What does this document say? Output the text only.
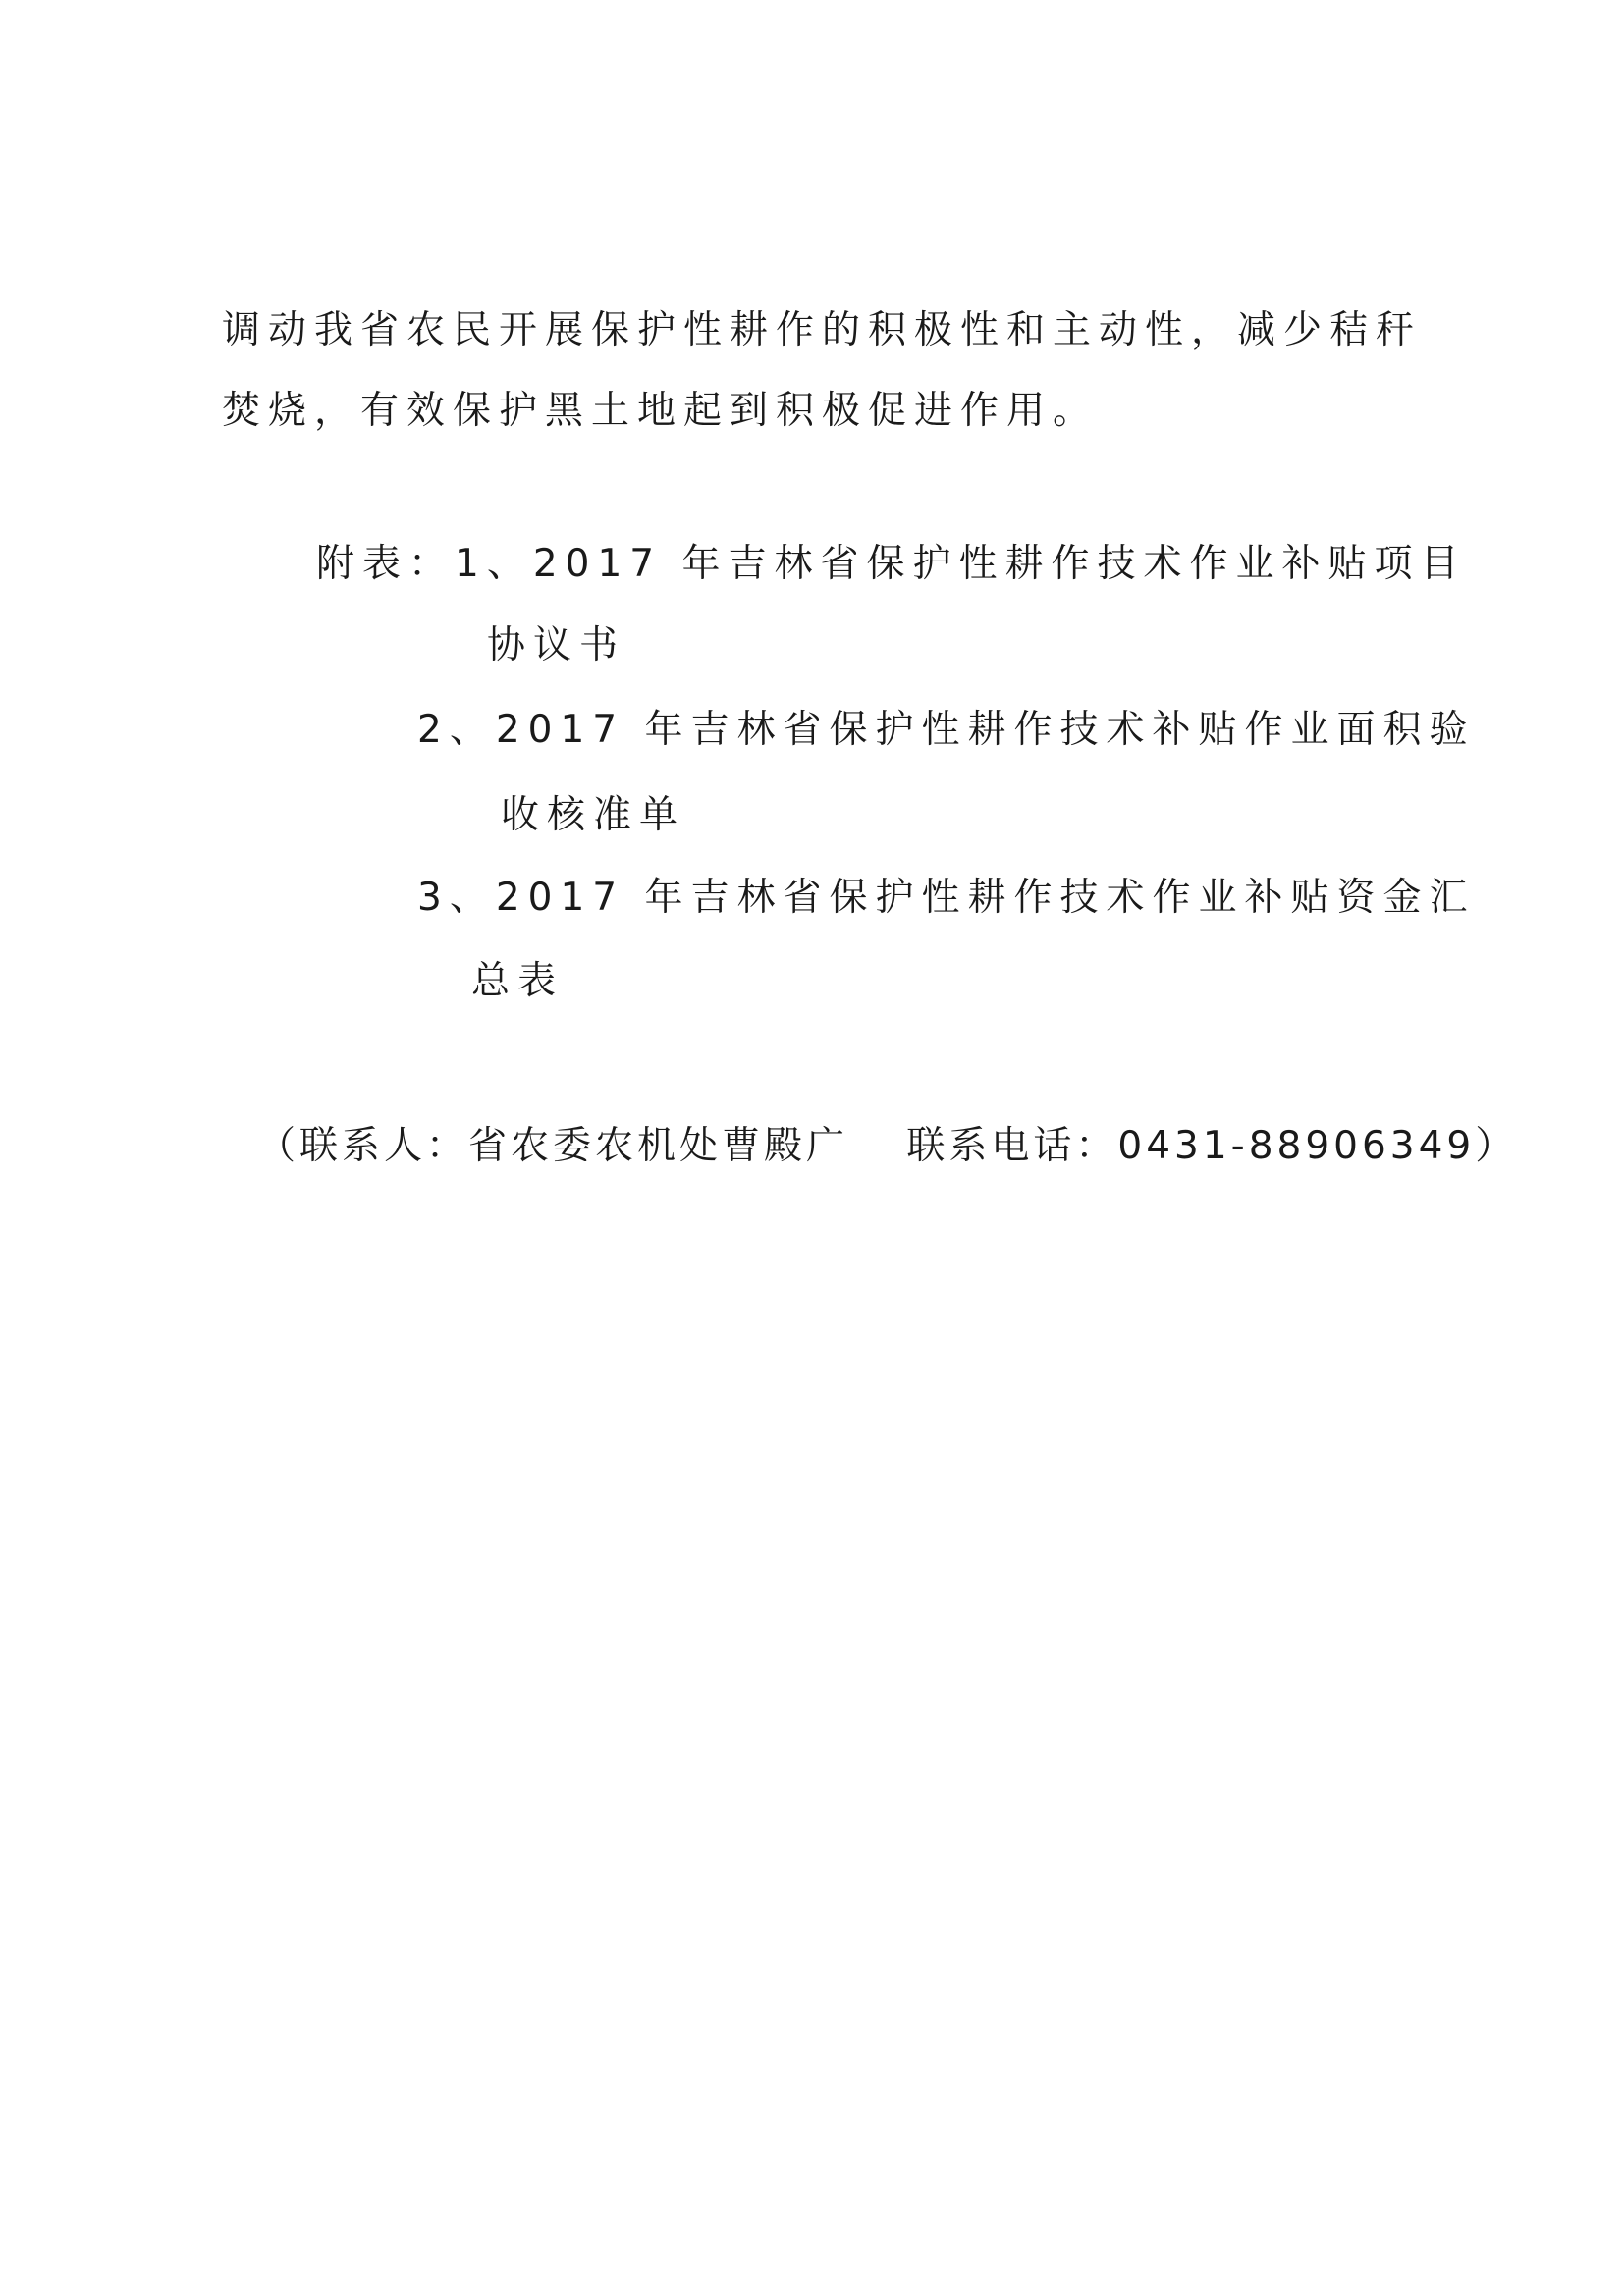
调动我省农民开展保护性耕作的积极性和主动性，减少秸秆

焚烧，有效保护黑土地起到积极促进作用。

附表：1、2017 年吉林省保护性耕作技术作业补贴项目

协议书

2、2017 年吉林省保护性耕作技术补贴作业面积验

收核准单

3、2017 年吉林省保护性耕作技术作业补贴资金汇

总表

（联系人：省农委农机处曹殿广　 联系电话：0431-88906349）
